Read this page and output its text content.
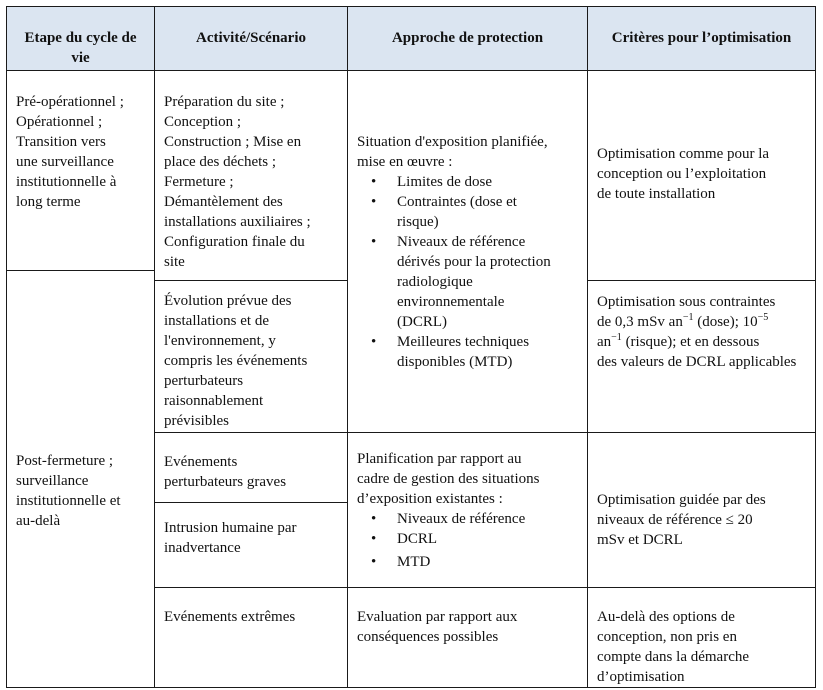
Etape du cycle de
vie
Activité/Scénario	Approche de protection	Critères pour l’optimisation
Pré-opérationnel ;
Opérationnel ;
Transition vers
une surveillance
institutionnelle à
long terme
Post-fermeture ;
surveillance
institutionnelle et
au-delà
Préparation du site ;
Conception ;
Construction ; Mise en
place des déchets ;
Fermeture ;
Démantèlement des
installations auxiliaires ;
Configuration finale du
site
Évolution prévue des
installations et de
l'environnement, y
compris les événements
perturbateurs
raisonnablement
prévisibles
Evénements
perturbateurs graves
Intrusion humaine par
inadvertance
Evénements extrêmes
Situation d'exposition planifiée,
mise en œuvre :
• Limites de dose
• Contraintes (dose et
risque)
• Niveaux de référence
dérivés pour la protection
radiologique
environnementale
(DCRL)
• Meilleures techniques
disponibles (MTD)
Planification par rapport au
cadre de gestion des situations
d’exposition existantes :
• Niveaux de référence
• DCRL
• MTD
Evaluation par rapport aux
conséquences possibles
Optimisation comme pour la
conception ou l’exploitation
de toute installation
Optimisation sous contraintes
de 0,3 mSv $an^{-1}$ (dose); $10^{-5}$
$an^{-1}$ (risque); et en dessous
des valeurs de DCRL applicables
Optimisation guidée par des
niveaux de référence ≤ 20
mSv et DCRL
Au-delà des options de
conception, non pris en
compte dans la démarche
d’optimisation
